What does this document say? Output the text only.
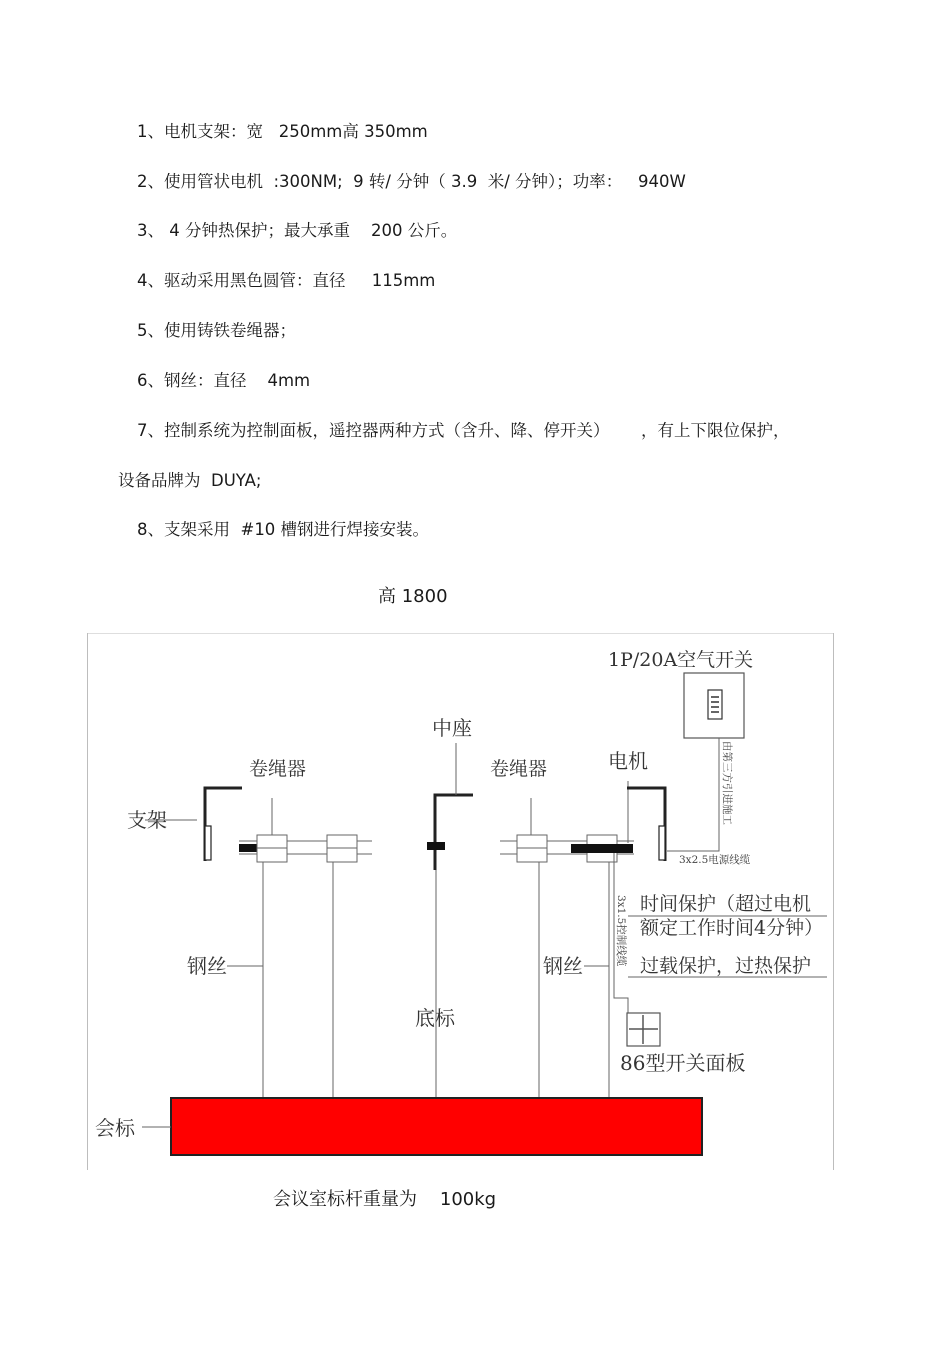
1、电机支架：宽   250mm高 350mm
2、使用管状电机  :300NM;  9 转/ 分钟（ 3.9  米/ 分钟）；功率：   940W
3、 4 分钟热保护；最大承重    200 公斤。
4、驱动采用黑色圆管：直径     115mm
5、使用铸铁卷绳器；
6、钢丝：直径    4mm
7、控制系统为控制面板，遥控器两种方式（含升、降、停开关）      ，有上下限位保护，
设备品牌为  DUYA;
8、支架采用  #10 槽钢进行焊接安装。
高 1800
1P/20A空气开关
由第三方引进施工
3x2.5电源线缆
支架
卷绳器
中座
卷绳器	电机
钢丝	钢丝
底标
3x1.5控制线缆 时间保护（超过电机
额定工作时间4分钟）
过载保护，过热保护
86型开关面板
会标
会议室标杆重量为    100kg
